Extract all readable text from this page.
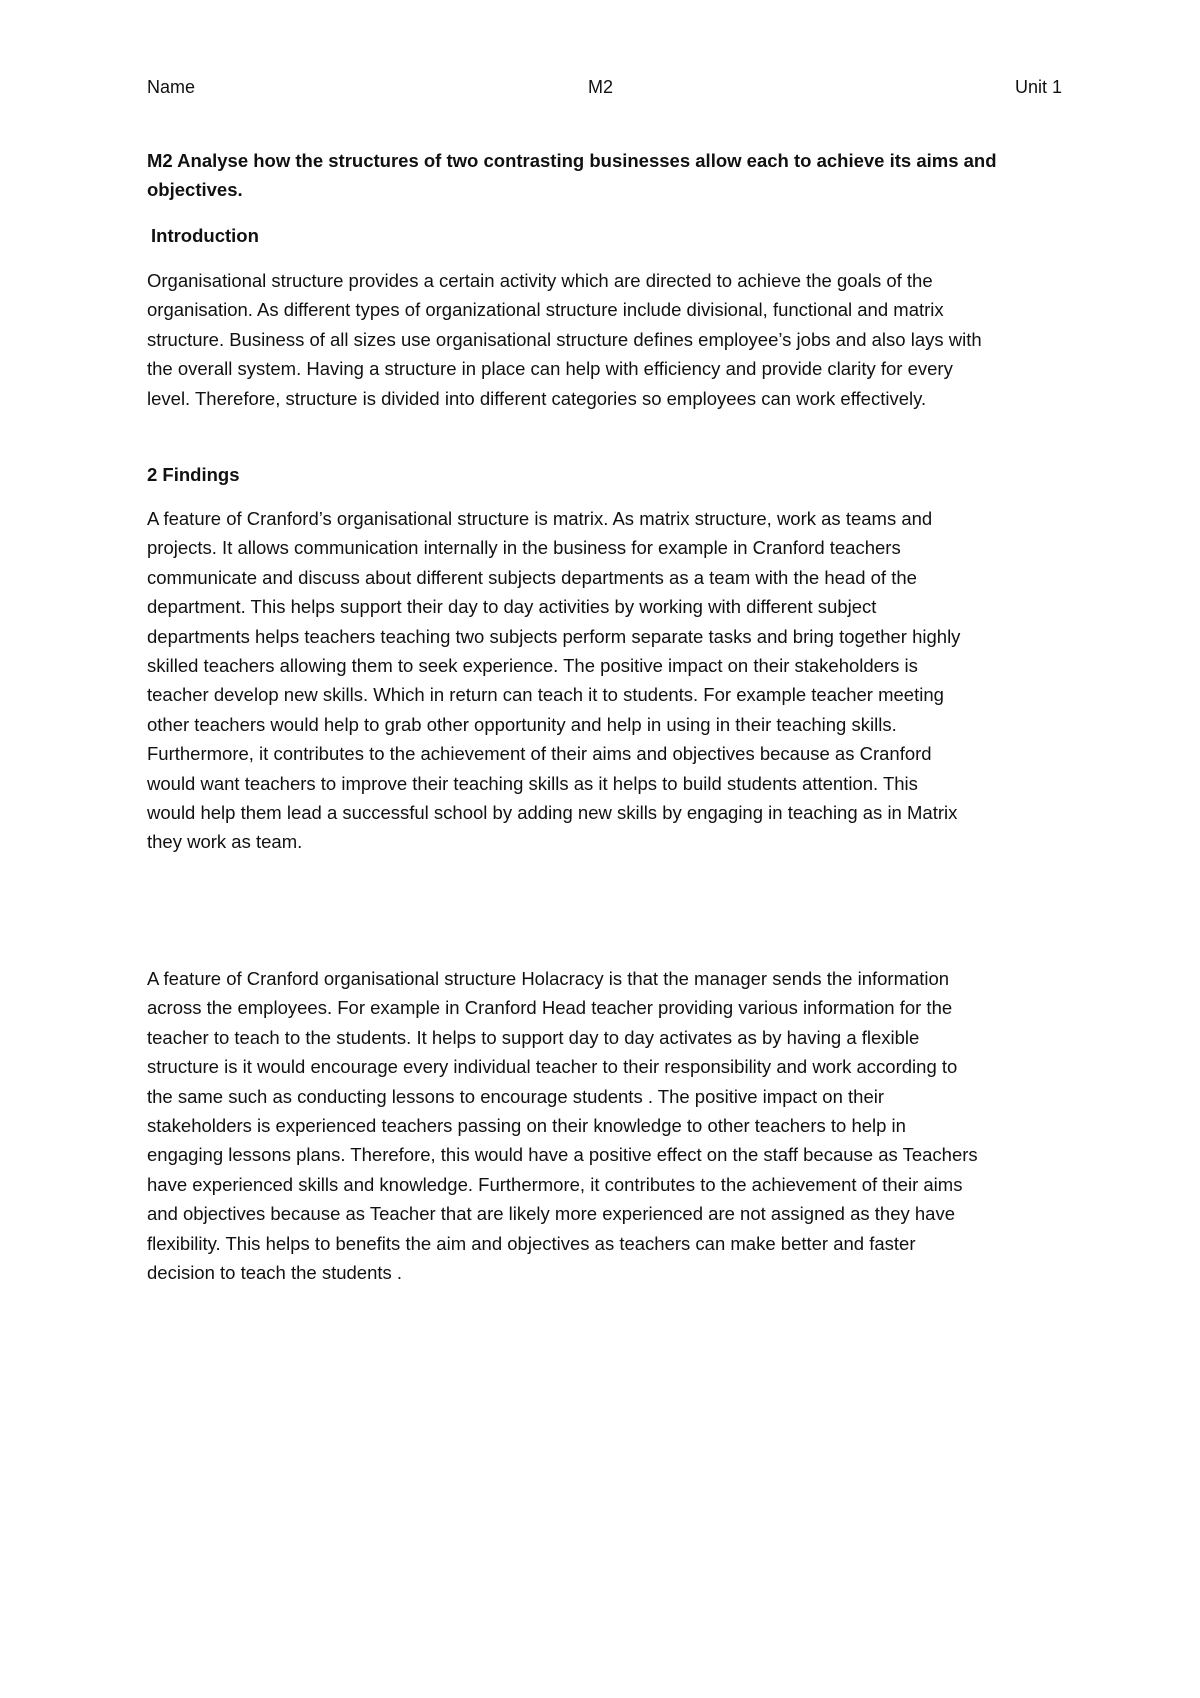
Name	M2	Unit 1
M2 Analyse how the structures of two contrasting businesses allow each to achieve its aims and
objectives.
Introduction
Organisational structure provides a certain activity which are directed to achieve the goals of the
organisation. As different types of organizational structure include divisional, functional and matrix
structure. Business of all sizes use organisational structure defines employee’s jobs and also lays with
the overall system. Having a structure in place can help with efficiency and provide clarity for every
level. Therefore, structure is divided into different categories so employees can work effectively.
2 Findings
A feature of Cranford’s organisational structure is matrix. As matrix structure, work as teams and
projects. It allows communication internally in the business for example in Cranford teachers
communicate and discuss about different subjects departments as a team with the head of the
department. This helps support their day to day activities by working with different subject
departments helps teachers teaching two subjects perform separate tasks and bring together highly
skilled teachers allowing them to seek experience. The positive impact on their stakeholders is
teacher develop new skills. Which in return can teach it to students. For example teacher meeting
other teachers would help to grab other opportunity and help in using in their teaching skills.
Furthermore, it contributes to the achievement of their aims and objectives because as Cranford
would want teachers to improve their teaching skills as it helps to build students attention. This
would help them lead a successful school by adding new skills by engaging in teaching as in Matrix
they work as team.
A feature of Cranford organisational structure Holacracy is that the manager sends the information
across the employees. For example in Cranford Head teacher providing various information for the
teacher to teach to the students. It helps to support day to day activates as by having a flexible
structure is it would encourage every individual teacher to their responsibility and work according to
the same such as conducting lessons to encourage students . The positive impact on their
stakeholders is experienced teachers passing on their knowledge to other teachers to help in
engaging lessons plans. Therefore, this would have a positive effect on the staff because as Teachers
have experienced skills and knowledge. Furthermore, it contributes to the achievement of their aims
and objectives because as Teacher that are likely more experienced are not assigned as they have
flexibility. This helps to benefits the aim and objectives as teachers can make better and faster
decision to teach the students .
